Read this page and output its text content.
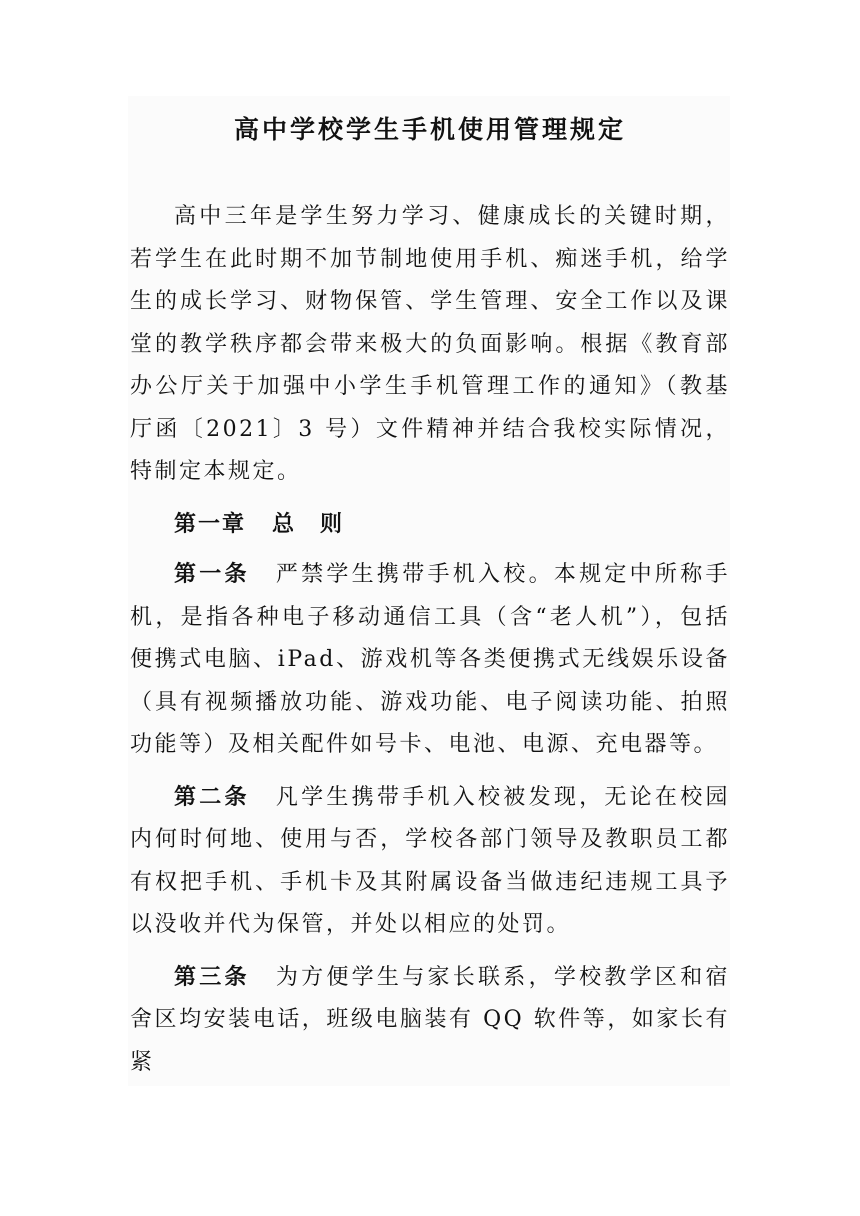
高中学校学生手机使用管理规定

高中三年是学生努力学习、健康成长的关键时期，若学生在此时期不加节制地使用手机、痴迷手机，给学生的成长学习、财物保管、学生管理、安全工作以及课堂的教学秩序都会带来极大的负面影响。根据《教育部办公厅关于加强中小学生手机管理工作的通知》（教基厅函〔2021〕3 号）文件精神并结合我校实际情况，特制定本规定。

第一章 总　则

第一条 严禁学生携带手机入校。本规定中所称手机，是指各种电子移动通信工具（含“老人机”），包括便携式电脑、iPad、游戏机等各类便携式无线娱乐设备（具有视频播放功能、游戏功能、电子阅读功能、拍照功能等）及相关配件如号卡、电池、电源、充电器等。

第二条 凡学生携带手机入校被发现，无论在校园内何时何地、使用与否，学校各部门领导及教职员工都有权把手机、手机卡及其附属设备当做违纪违规工具予以没收并代为保管，并处以相应的处罚。

第三条 为方便学生与家长联系，学校教学区和宿舍区均安装电话，班级电脑装有 QQ 软件等，如家长有紧
